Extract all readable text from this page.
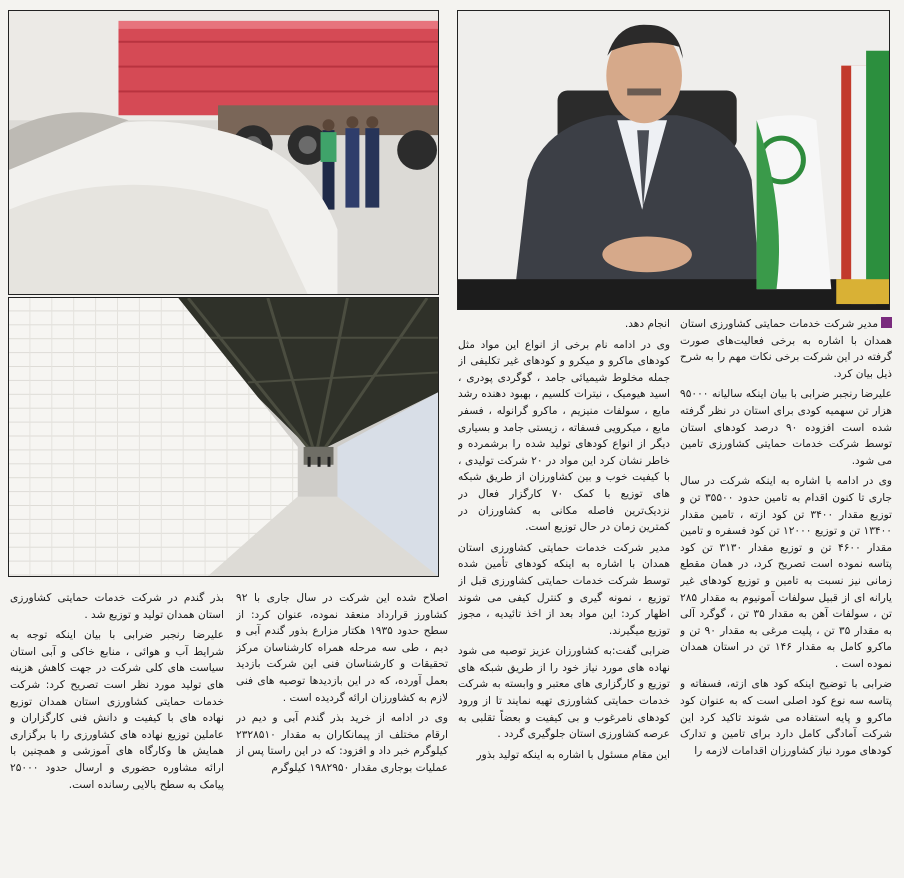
مدیر شرکت خدمات حمایتی کشاورزی استان همدان با اشاره به برخی فعالیت‌های صورت گرفته در این شرکت برخی نکات مهم را به شرح ذیل بیان کرد.

علیرضا رنجبر ضرابی با بیان اینکه سالیانه ۹۵۰۰۰ هزار تن سهمیه کودی برای استان در نظر گرفته شده است افزوده ۹۰ درصد کودهای استان توسط شرکت خدمات حمایتی کشاورزی تامین می شود.

وی در ادامه با اشاره به اینکه شرکت در سال جاری تا کنون اقدام به تامین حدود ۳۵۵۰۰ تن و توزیع مقدار ۳۴۰۰ تن کود ازته ، تامین مقدار ۱۳۴۰۰ تن و توزیع ۱۲۰۰۰ تن کود فسفره و تامین مقدار ۴۶۰۰ تن و توزیع مقدار ۳۱۳۰ تن کود پتاسه نموده است تصریح کرد، در همان مقطع زمانی نیز نسبت به تامین و توزیع کودهای غیر یارانه ای از قبیل سولفات آمونیوم به مقدار ۲۸۵ تن ، سولفات آهن به مقدار ۳۵ تن ، گوگرد آلی به مقدار ۳۵ تن ، پلیت مرغی به مقدار ۹۰ تن و ماکرو کامل به مقدار ۱۴۶ تن در استان همدان نموده است .

ضرابی با توضیح اینکه کود های ازته، فسفاته و پتاسه سه نوع کود اصلی است که به عنوان کود ماکرو و پایه استفاده می شوند تاکید کرد این شرکت آمادگی کامل دارد برای تامین و تدارک کودهای مورد نیاز کشاورزان اقدامات لازمه را

انجام دهد.

وی در ادامه نام برخی از انواع این مواد مثل کودهای ماکرو و میکرو و کودهای غیر تکلیفی از جمله مخلوط شیمیائی جامد ، گوگردی پودری ، اسید هیومیک ، نیترات کلسیم ، بهبود دهنده رشد مایع ، سولفات منیزیم ، ماکرو گرانوله ، فسفر مایع ، میکرویی فسفاته ، زیستی جامد و بسیاری دیگر از انواع کودهای تولید شده را برشمرده و خاطر نشان کرد این مواد در ۲۰ شرکت تولیدی ، با کیفیت خوب و بین کشاورزان از طریق شبکه های توزیع با کمک ۷۰ کارگزار فعال در نزدیک‌ترین فاصله مکانی به کشاورزان در کمترین زمان در حال توزیع است.

مدیر شرکت خدمات حمایتی کشاورزی استان همدان با اشاره به اینکه کودهای تأمین شده توسط شرکت خدمات حمایتی کشاورزی قبل از توزیع ، نمونه گیری و کنترل کیفی می شوند اظهار کرد: این مواد بعد از اخذ تائیدیه ، مجوز توزیع میگیرند.

ضرابی گفت:به کشاورزان عزیز توصیه می شود نهاده های مورد نیاز خود را از طریق شبکه های توزیع و کارگزاری های معتبر و وابسته به شرکت خدمات حمایتی کشاورزی تهیه نمایند تا از ورود کودهای نامرغوب و بی کیفیت و بعضاً تقلبی به عرصه کشاورزی استان جلوگیری گردد .

این مقام مسئول با اشاره به اینکه تولید بذور

اصلاح شده این شرکت در سال جاری با ۹۲ کشاورز قرارداد منعقد نموده، عنوان کرد: از سطح حدود ۱۹۳۵ هکتار مزارع بذور گندم آبی و دیم ، طی سه مرحله همراه کارشناسان مرکز تحقیقات و کارشناسان فنی این شرکت بازدید بعمل آورده، که در این بازدیدها توصیه های فنی لازم به کشاورزان ارائه گردیده است .

وی در ادامه از خرید بذر گندم آبی و دیم در ارقام مختلف از پیمانکاران به مقدار ۲۳۲۸۵۱۰ کیلوگرم خبر داد و افزود: که در این راستا پس از عملیات بوجاری مقدار ۱۹۸۲۹۵۰ کیلوگرم

بذر گندم در شرکت خدمات حمایتی کشاورزی استان همدان تولید و توزیع شد .

علیرضا رنجبر ضرابی با بیان اینکه توجه به شرایط آب و هوائی ، منابع خاکی و آبی استان سیاست های کلی شرکت در جهت کاهش هزینه های تولید مورد نظر است تصریح کرد: شرکت خدمات حمایتی کشاورزی استان همدان توزیع نهاده های با کیفیت و دانش فنی کارگزاران و عاملین توزیع نهاده های کشاورزی را با برگزاری همایش ها وکارگاه های آموزشی و همچنین با ارائه مشاوره حضوری و ارسال حدود ۲۵۰۰۰ پیامک به سطح بالایی رسانده است.
